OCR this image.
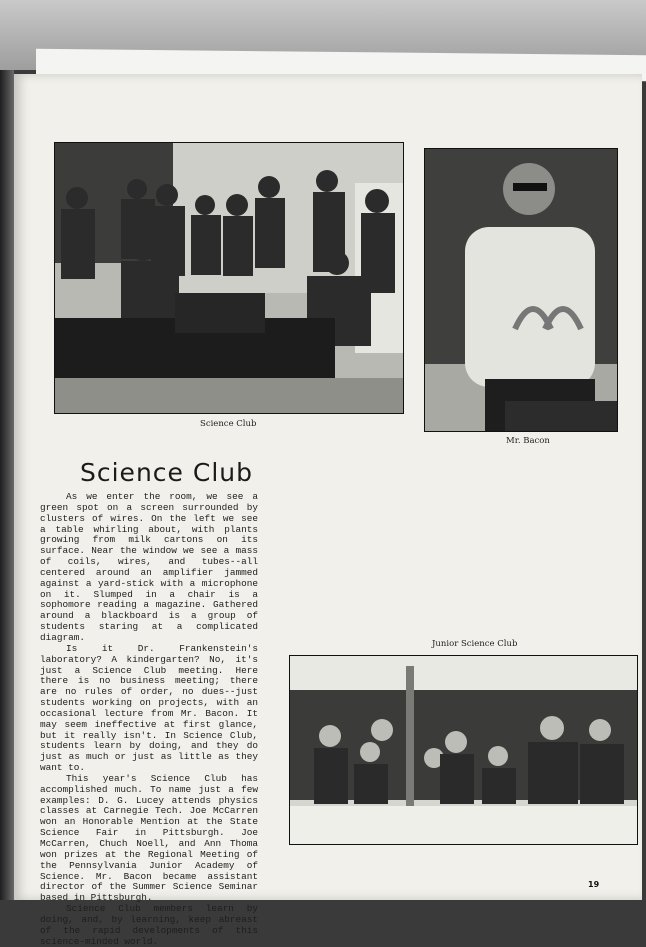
Science Club
Mr. Bacon
Science Club

As we enter the room, we see a green spot on a screen surrounded by clusters of wires. On the left we see a table whirling about, with plants growing from milk cartons on its surface. Near the window we see a mass of coils, wires, and tubes--all centered around an amplifier jammed against a yard-stick with a microphone on it. Slumped in a chair is a sophomore reading a magazine. Gathered around a blackboard is a group of students staring at a complicated diagram.

Is it Dr. Frankenstein's laboratory? A kindergarten? No, it's just a Science Club meeting. Here there is no business meeting; there are no rules of order, no dues--just students working on projects, with an occasional lecture from Mr. Bacon. It may seem ineffective at first glance, but it really isn't. In Science Club, students learn by doing, and they do just as much or just as little as they want to.

This year's Science Club has accomplished much. To name just a few examples: D. G. Lucey attends physics classes at Carnegie Tech. Joe McCarren won an Honorable Mention at the State Science Fair in Pittsburgh. Joe McCarren, Chuch Noell, and Ann Thoma won prizes at the Regional Meeting of the Pennsylvania Junior Academy of Science. Mr. Bacon became assistant director of the Summer Science Seminar based in Pittsburgh.

Science Club members learn by doing, and, by learning, keep abreast of the rapid developments of this science-minded world.

Junior Science Club
19
